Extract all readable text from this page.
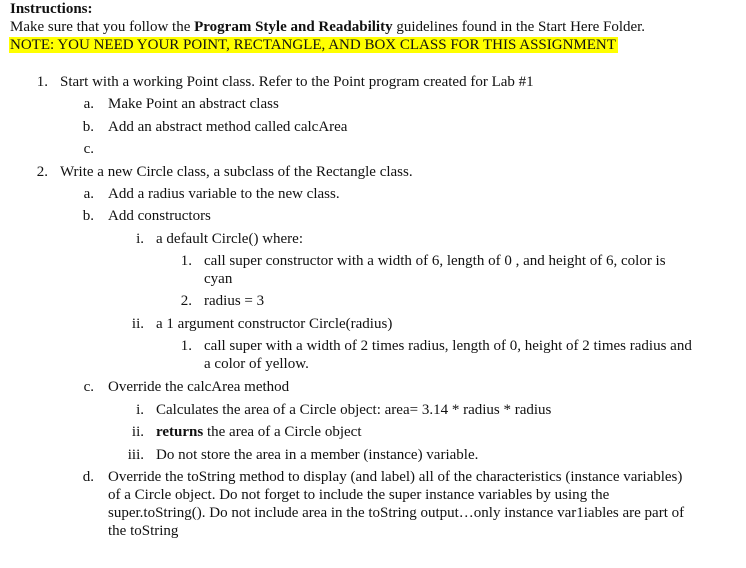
Instructions:
Make sure that you follow the Program Style and Readability guidelines found in the Start Here Folder.
NOTE: YOU NEED YOUR POINT, RECTANGLE, AND BOX CLASS FOR THIS ASSIGNMENT
1. Start with a working Point class. Refer to the Point program created for Lab #1
a. Make Point an abstract class
b. Add an abstract method called calcArea
c.
2. Write a new Circle class, a subclass of the Rectangle class.
a. Add a radius variable to the new class.
b. Add constructors
i. a default Circle() where:
1. call super constructor with a width of 6, length of 0 , and height of 6, color is
cyan
2. radius = 3
ii. a 1 argument constructor Circle(radius)
1. call super with a width of 2 times radius, length of 0, height of 2 times radius and
a color of yellow.
c. Override the calcArea method
i. Calculates the area of a Circle object: area= 3.14 * radius * radius
ii. returns the area of a Circle object
iii. Do not store the area in a member (instance) variable.
d. Override the toString method to display (and label) all of the characteristics (instance variables)
of a Circle object. Do not forget to include the super instance variables by using the
super.toString(). Do not include area in the toString output…only instance var1iables are part of
the toString
